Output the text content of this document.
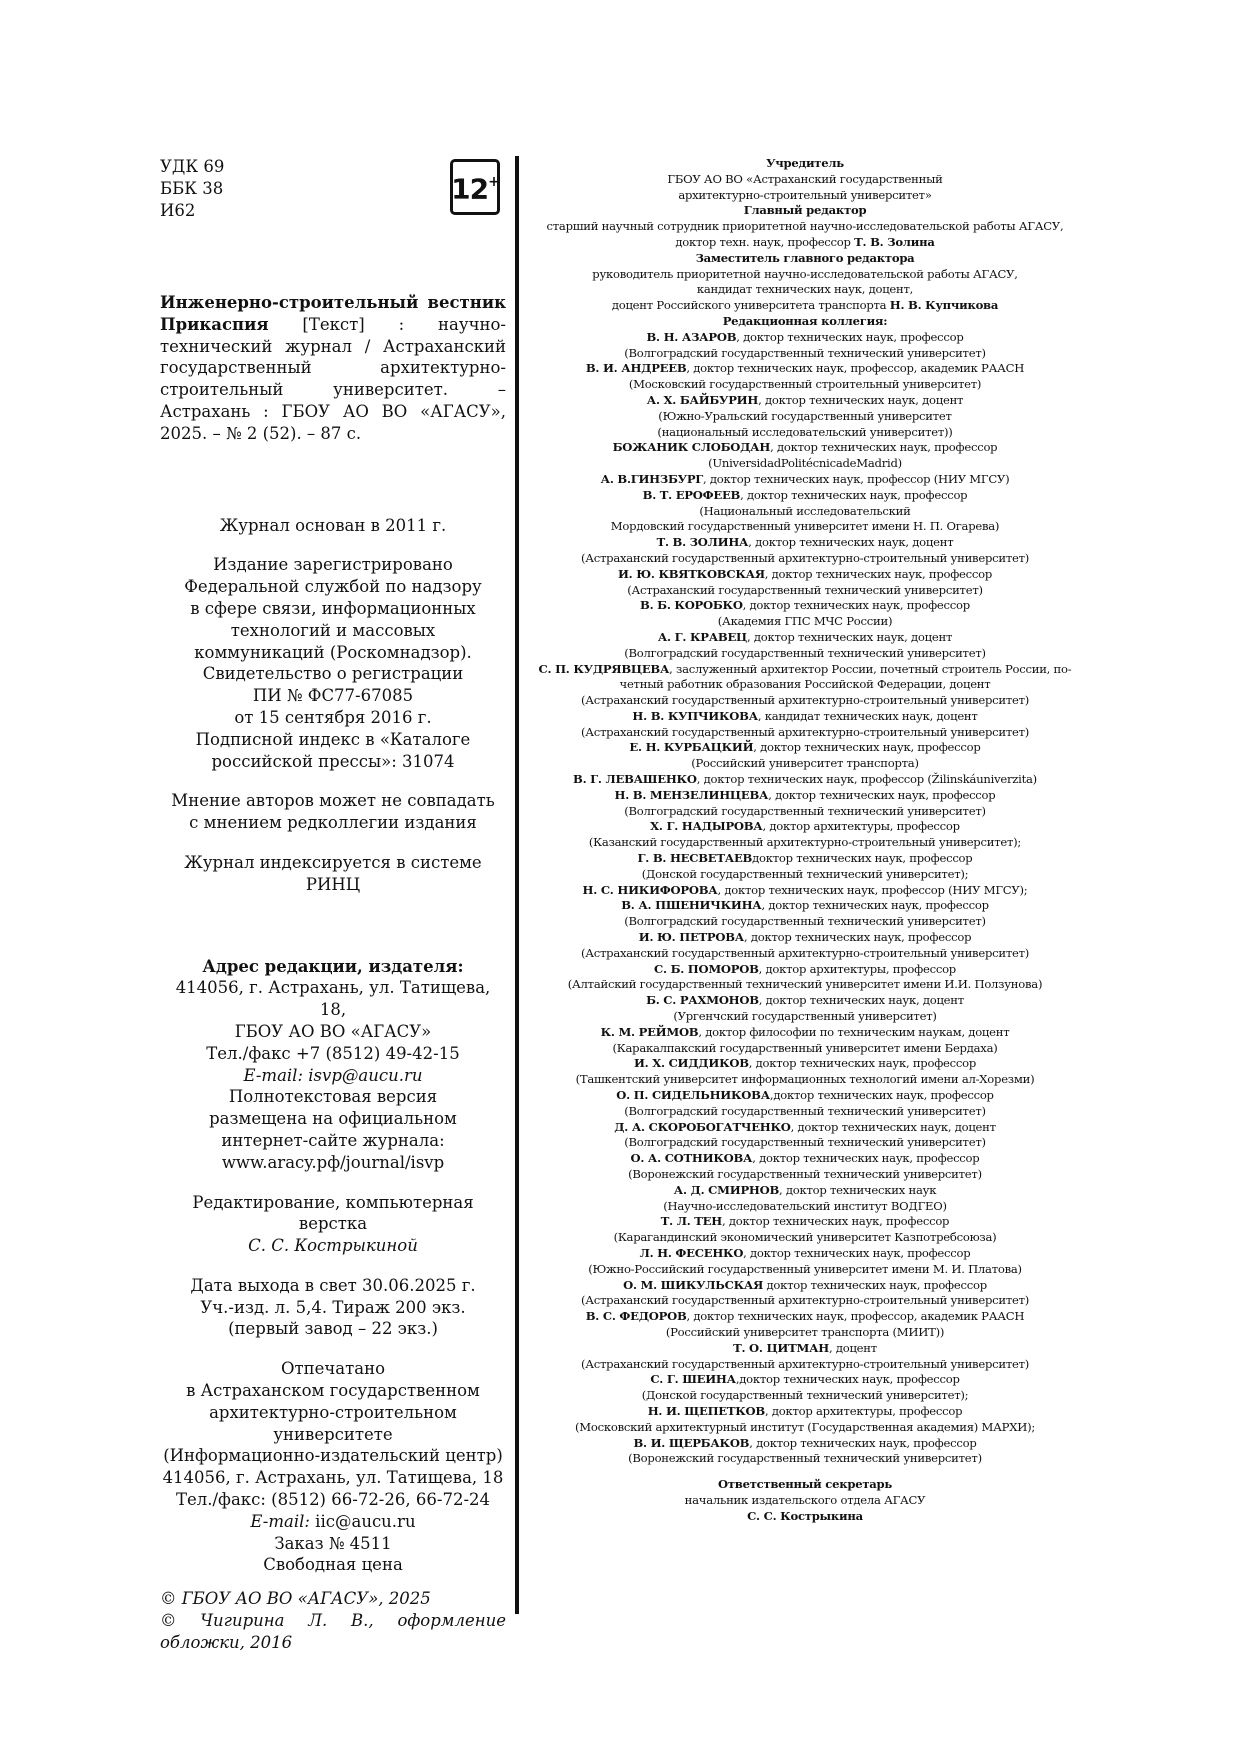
УДК 69
ББК 38
И62
12+

Инженерно-строительный вестник Прикаспия [Текст] : научно-технический журнал / Астраханский государственный архитектурно-строительный университет. – Астрахань : ГБОУ АО ВО «АГАСУ», 2025. – № 2 (52). – 87 с.

Журнал основан в 2011 г.

Издание зарегистрировано

Федеральной службой по надзору

в сфере связи, информационных

технологий и массовых

коммуникаций (Роскомнадзор).

Свидетельство о регистрации

ПИ № ФС77-67085

от 15 сентября 2016 г.

Подписной индекс в «Каталоге

российской прессы»: 31074

Мнение авторов может не совпадать

с мнением редколлегии издания

Журнал индексируется в системе РИНЦ

Адрес редакции, издателя:

414056, г. Астрахань, ул. Татищева, 18,

ГБОУ АО ВО «АГАСУ»

Тел./факс +7 (8512) 49-42-15

E-mail: isvp@aucu.ru

Полнотекстовая версия

размещена на официальном

интернет-сайте журнала:

www.aracy.рф/journal/isvp

Редактирование, компьютерная верстка

С. С. Кострыкиной

Дата выхода в свет 30.06.2025 г.

Уч.-изд. л. 5,4. Тираж 200 экз.

(первый завод – 22 экз.)

Отпечатано

в Астраханском государственном

архитектурно-строительном

университете

(Информационно-издательский центр)

414056, г. Астрахань, ул. Татищева, 18

Тел./факс: (8512) 66-72-26, 66-72-24

E-mail: iic@aucu.ru

Заказ № 4511

Свободная цена

© ГБОУ АО ВО «АГАСУ», 2025

© Чигирина Л. В., оформление обложки, 2016

Учредитель

ГБОУ АО ВО «Астраханский государственный

архитектурно-строительный университет»

Главный редактор

старший научный сотрудник приоритетной научно-исследовательской работы АГАСУ,

доктор техн. наук, профессор Т. В. Золина

Заместитель главного редактора

руководитель приоритетной научно-исследовательской работы АГАСУ,

кандидат технических наук, доцент,

доцент Российского университета транспорта Н. В. Купчикова

Редакционная коллегия:

В. Н. АЗАРОВ, доктор технических наук, профессор

(Волгоградский государственный технический университет)

В. И. АНДРЕЕВ, доктор технических наук, профессор, академик РААСН

(Московский государственный строительный университет)

А. Х. БАЙБУРИН, доктор технических наук, доцент

(Южно-Уральский государственный университет

(национальный исследовательский университет))

БОЖАНИК СЛОБОДАН, доктор технических наук, профессор

(UniversidadPolitécnicadeMadrid)

А. В.ГИНЗБУРГ, доктор технических наук, профессор (НИУ МГСУ)

В. Т. ЕРОФЕЕВ, доктор технических наук, профессор

(Национальный исследовательский

Мордовский государственный университет имени Н. П. Огарева)

Т. В. ЗОЛИНА, доктор технических наук, доцент

(Астраханский государственный архитектурно-строительный университет)

И. Ю. КВЯТКОВСКАЯ, доктор технических наук, профессор

(Астраханский государственный технический университет)

В. Б. КОРОБКО, доктор технических наук, профессор

(Академия ГПС МЧС России)

А. Г. КРАВЕЦ, доктор технических наук, доцент

(Волгоградский государственный технический университет)

С. П. КУДРЯВЦЕВА, заслуженный архитектор России, почетный строитель России, по-

четный работник образования Российской Федерации, доцент

(Астраханский государственный архитектурно-строительный университет)

Н. В. КУПЧИКОВА, кандидат технических наук, доцент

(Астраханский государственный архитектурно-строительный университет)

Е. Н. КУРБАЦКИЙ, доктор технических наук, профессор

(Российский университет транспорта)

В. Г. ЛЕВАШЕНКО, доктор технических наук, профессор (Žilinskáuniverzita)

Н. В. МЕНЗЕЛИНЦЕВА, доктор технических наук, профессор

(Волгоградский государственный технический университет)

Х. Г. НАДЫРОВА, доктор архитектуры, профессор

(Казанский государственный архитектурно-строительный университет);

Г. В. НЕСВЕТАЕВдоктор технических наук, профессор

(Донской государственный технический университет);

Н. С. НИКИФОРОВА, доктор технических наук, профессор (НИУ МГСУ);

В. А. ПШЕНИЧКИНА, доктор технических наук, профессор

(Волгоградский государственный технический университет)

И. Ю. ПЕТРОВА, доктор технических наук, профессор

(Астраханский государственный архитектурно-строительный университет)

С. Б. ПОМОРОВ, доктор архитектуры, профессор

(Алтайский государственный технический университет имени И.И. Ползунова)

Б. С. РАХМОНОВ, доктор технических наук, доцент

(Ургенчский государственный университет)

К. М. РЕЙМОВ, доктор философии по техническим наукам, доцент

(Каракалпакский государственный университет имени Бердаха)

И. Х. СИДДИКОВ, доктор технических наук, профессор

(Ташкентский университет информационных технологий имени ал-Хорезми)

О. П. СИДЕЛЬНИКОВА,доктор технических наук, профессор

(Волгоградский государственный технический университет)

Д. А. СКОРОБОГАТЧЕНКО, доктор технических наук, доцент

(Волгоградский государственный технический университет)

О. А. СОТНИКОВА, доктор технических наук, профессор

(Воронежский государственный технический университет)

А. Д. СМИРНОВ, доктор технических наук

(Научно-исследовательский институт ВОДГЕО)

Т. Л. ТЕН, доктор технических наук, профессор

(Карагандинский экономический университет Казпотребсоюза)

Л. Н. ФЕСЕНКО, доктор технических наук, профессор

(Южно-Российский государственный университет имени М. И. Платова)

О. М. ШИКУЛЬСКАЯ доктор технических наук, профессор

(Астраханский государственный архитектурно-строительный университет)

В. С. ФЕДОРОВ, доктор технических наук, профессор, академик РААСН

(Российский университет транспорта (МИИТ))

Т. О. ЦИТМАН, доцент

(Астраханский государственный архитектурно-строительный университет)

С. Г. ШЕИНА,доктор технических наук, профессор

(Донской государственный технический университет);

Н. И. ЩЕПЕТКОВ, доктор архитектуры, профессор

(Московский архитектурный институт (Государственная академия) МАРХИ);

В. И. ЩЕРБАКОВ, доктор технических наук, профессор

(Воронежский государственный технический университет)

Ответственный секретарь

начальник издательского отдела АГАСУ

С. С. Кострыкина
